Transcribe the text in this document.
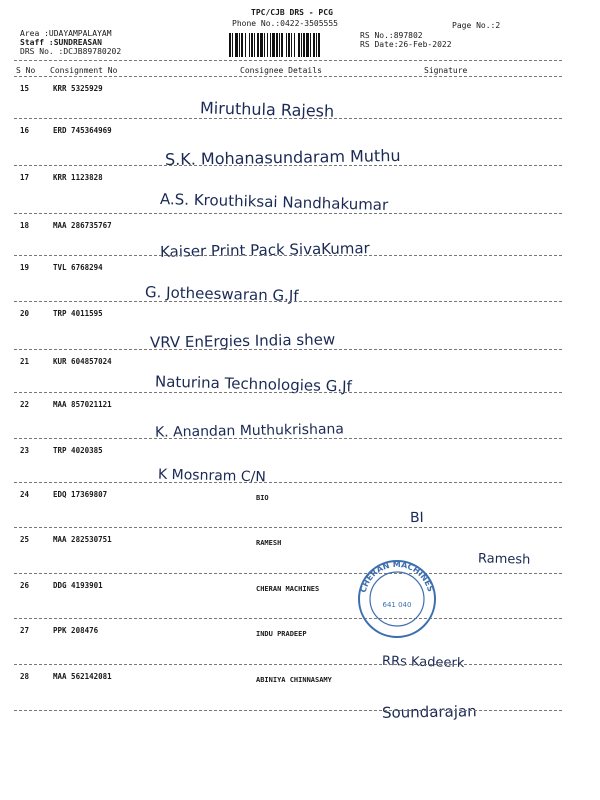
TPC/CJB DRS - PCG
Phone No.:0422-3505555	Page No.:2
Area :UDAYAMPALAYAM
Staff :SUNDREASAN
DRS No. :DCJB89780202
RS No.:897802
RS Date:26-Feb-2022
S No Consignment No	Consignee Details	Signature
15	KRR 5325929
Miruthula Rajesh
16	ERD 745364969
S.K. Mohanasundaram Muthu
17	KRR 1123828
A.S. Krouthiksai Nandhakumar
18	MAA 286735767
Kaiser Print Pack SivaKumar
19	TVL 6768294
G. Jotheeswaran G.Jf
20	TRP 4011595
VRV EnErgies India shew
21	KUR 604857024
Naturina Technologies G.Jf
22	MAA 857021121
K. Anandan Muthukrishana
23	TRP 4020385
K Mosnram C/N
24	EDQ 17369807	BIO
BI
25	MAA 282530751	RAMESH
Ramesh
26	DDG 4193901	CHERAN MACHINES
27	PPK 208476	INDU PRADEEP
RRs Kadeerk
28	MAA 562142081	ABINIYA CHINNASAMY
Soundarajan
CHERAN MACHINES
641 040
